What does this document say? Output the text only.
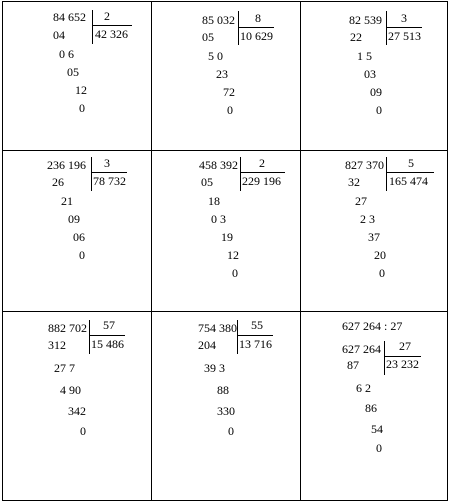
84 652 2
42 326
04
0 6
05
12
0
85 032 8
10 629
05
5 0
23
72
0
82 539 3
27 513
22
1 5
03
09
0
236 196 3
78 732
26
21
09
06
0
458 392 2
229 196
05
18
0 3
19
12
0
827 370 5
165 474
32
27
2 3
37
20
0
882 702 57
15 486
312
27 7
4 90
342
0
754 380 55
13 716
204
39 3
88
330
0
627 264 : 27
627 264 27
23 232
87
6 2
86
54
0
